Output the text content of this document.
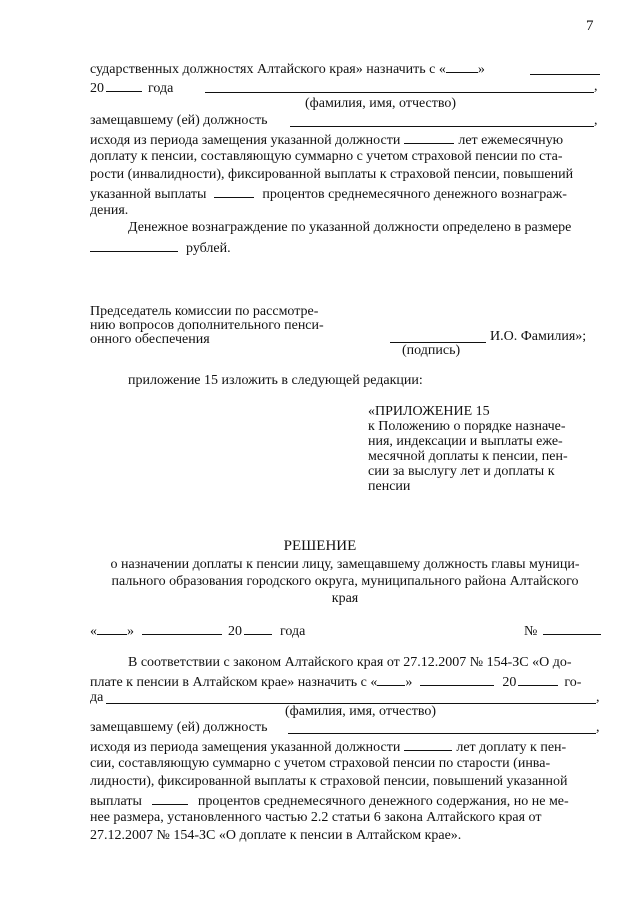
7
сударственных должностях Алтайского края» назначить с « »
20	года	,
(фамилия, имя, отчество)
замещавшему (ей) должность	,
исходя из периода замещения указанной должности	лет ежемесячную
доплату к пенсии, составляющую суммарно с учетом страховой пенсии по ста-
рости (инвалидности), фиксированной выплаты к страховой пенсии, повышений
указанной выплаты	процентов среднемесячного денежного вознаграж-
дения.
Денежное вознаграждение по указанной должности определено в размере
рублей.
Председатель комиссии по рассмотре-
нию вопросов дополнительного пенси-
онного обеспечения	И.О. Фамилия»;
(подпись)
приложение 15 изложить в следующей редакции:
«ПРИЛОЖЕНИЕ 15
к Положению о порядке назначе-
ния, индексации и выплаты еже-
месячной доплаты к пенсии, пен-
сии за выслугу лет и доплаты к
пенсии
РЕШЕНИЕ
о назначении доплаты к пенсии лицу, замещавшему должность главы муници-
пального образования городского округа, муниципального района Алтайского
края
« »	20	года	№
В соответствии с законом Алтайского края от 27.12.2007 № 154-ЗС «О до-
плате к пенсии в Алтайском крае» назначить с « »	20	го-
да	,
(фамилия, имя, отчество)
замещавшему (ей) должность	,
исходя из периода замещения указанной должности	лет доплату к пен-
сии, составляющую суммарно с учетом страховой пенсии по старости (инва-
лидности), фиксированной выплаты к страховой пенсии, повышений указанной
выплаты	процентов среднемесячного денежного содержания, но не ме-
нее размера, установленного частью 2.2 статьи 6 закона Алтайского края от
27.12.2007 № 154-ЗС «О доплате к пенсии в Алтайском крае».
